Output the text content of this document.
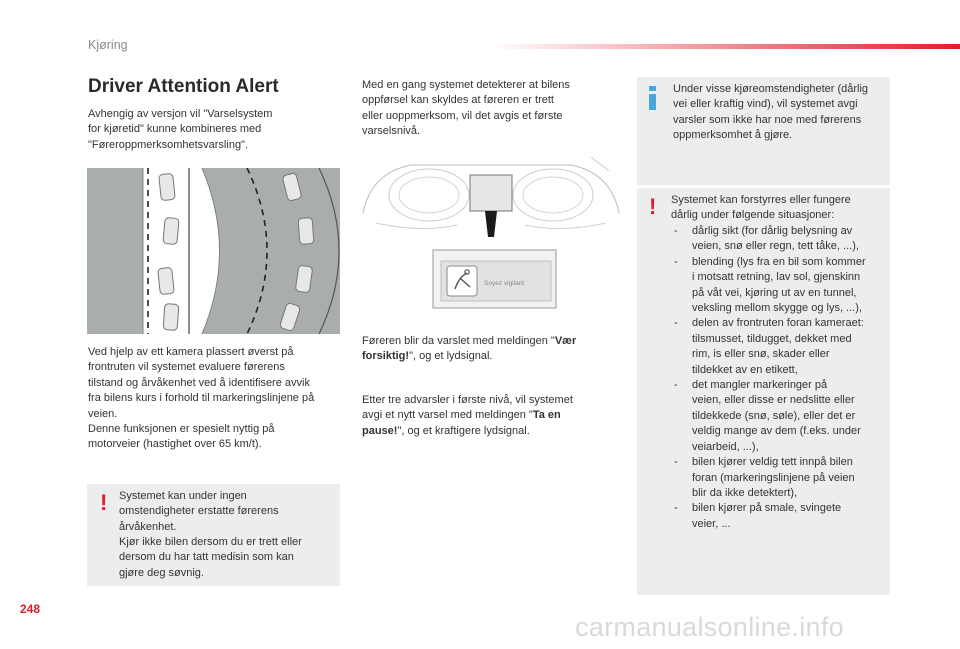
Kjøring
Driver Attention Alert

Avhengig av versjon vil "Varselsystem
for kjøretid" kunne kombineres med
"Føreroppmerksomhetsvarsling".

Ved hjelp av ett kamera plassert øverst på
frontruten vil systemet evaluere førerens
tilstand og årvåkenhet ved å identifisere avvik
fra bilens kurs i forhold til markeringslinjene på
veien.

Denne funksjonen er spesielt nyttig på
motorveier (hastighet over 65 km/t).

! Systemet kan under ingen
omstendigheter erstatte førerens
årvåkenhet.
Kjør ikke bilen dersom du er trett eller
dersom du har tatt medisin som kan
gjøre deg søvnig.

Med en gang systemet detekterer at bilens
oppførsel kan skyldes at føreren er trett
eller uoppmerksom, vil det avgis et første
varselsnivå.

Soyez vigilant

Føreren blir da varslet med meldingen "Vær
forsiktig!", og et lydsignal.

Etter tre advarsler i første nivå, vil systemet
avgi et nytt varsel med meldingen "Ta en
pause!", og et kraftigere lydsignal.

Under visse kjøreomstendigheter (dårlig
vei eller kraftig vind), vil systemet avgi
varsler som ikke har noe med førerens
oppmerksomhet å gjøre.
! Systemet kan forstyrres eller fungere
dårlig under følgende situasjoner:
- dårlig sikt (for dårlig belysning av
veien, snø eller regn, tett tåke, ...),
- blending (lys fra en bil som kommer
i motsatt retning, lav sol, gjenskinn
på våt vei, kjøring ut av en tunnel,
veksling mellom skygge og lys, ...),
- delen av frontruten foran kameraet:
tilsmusset, tildugget, dekket med
rim, is eller snø, skader eller
tildekket av en etikett,
- det mangler markeringer på
veien, eller disse er nedslitte eller
tildekkede (snø, søle), eller det er
veldig mange av dem (f.eks. under
veiarbeid, ...),
- bilen kjører veldig tett innpå bilen
foran (markeringslinjene på veien
blir da ikke detektert),
- bilen kjører på smale, svingete
veier, ...
248
carmanualsonline.info
